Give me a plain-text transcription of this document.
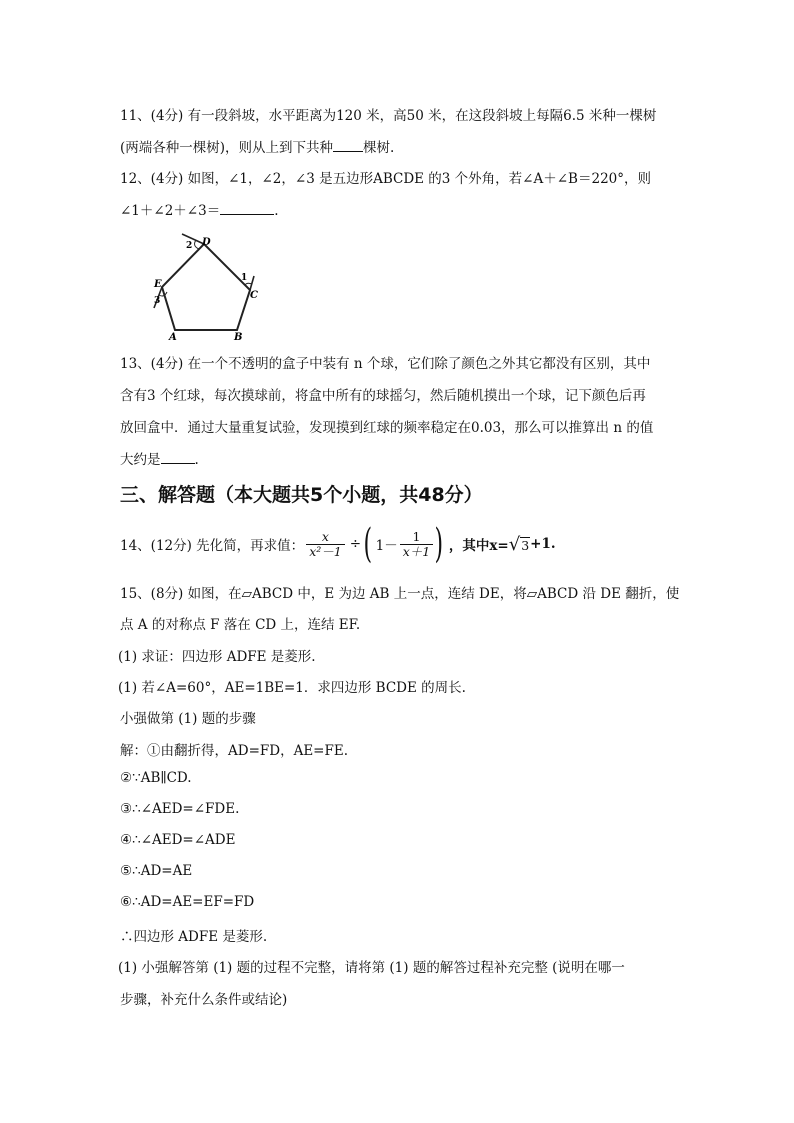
11、(4分) 有一段斜坡，水平距离为120 米，高50 米，在这段斜坡上每隔6.5 米种一棵树
(两端各种一棵树)，则从上到下共种 棵树.
12、(4分) 如图，∠1，∠2，∠3 是五边形ABCDE 的3 个外角，若∠A＋∠B＝220°，则
∠1＋∠2＋∠3＝	.
D
2
1
C
E
3
A	B
13、(4分) 在一个不透明的盒子中装有 n 个球，它们除了颜色之外其它都没有区别，其中
含有3 个红球，每次摸球前，将盒中所有的球摇匀，然后随机摸出一个球，记下颜色后再
放回盒中．通过大量重复试验，发现摸到红球的频率稳定在0.03，那么可以推算出 n 的值
大约是	.
三、解答题（本大题共5个小题，共48分）
14、(12分) 先化简，再求值： $\frac{x}{\text{x²－1}}$ ÷ ( $1- \frac{1}{x+1}$ ) ，其中x= √3 +1.
15、(8分) 如图，在▱ABCD 中，E 为边 AB 上一点，连结 DE，将▱ABCD 沿 DE 翻折，使
点 A 的对称点 F 落在 CD 上，连结 EF.
(1) 求证：四边形 ADFE 是菱形.
(1) 若∠A=60°，AE=1BE=1．求四边形 BCDE 的周长.
小强做第 (1) 题的步骤
解：①由翻折得，AD=FD，AE=FE.
②∵AB∥CD.
③∴∠AED=∠FDE.
④∴∠AED=∠ADE
⑤∴AD=AE
⑥∴AD=AE=EF=FD
∴四边形 ADFE 是菱形.
(1) 小强解答第 (1) 题的过程不完整，请将第 (1) 题的解答过程补充完整 (说明在哪一
步骤，补充什么条件或结论)
